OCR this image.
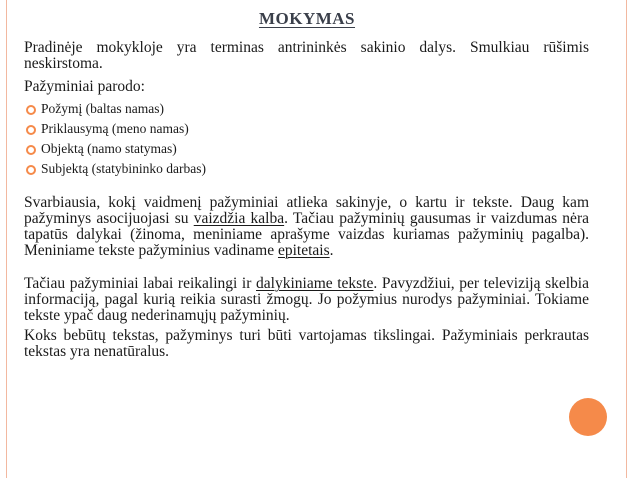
MOKYMAS

Pradinėje mokykloje yra terminas antrininkės sakinio dalys. Smulkiau rūšimis neskirstoma.

Pažyminiai parodo:

Požymį (baltas namas)
Priklausymą (meno namas)
Objektą (namo statymas)
Subjektą (statybininko darbas)

Svarbiausia, kokį vaidmenį pažyminiai atlieka sakinyje, o kartu ir tekste. Daug kam pažyminys asocijuojasi su vaizdžia kalba. Tačiau pažyminių gausumas ir vaizdumas nėra tapatūs dalykai (žinoma, meniniame aprašyme vaizdas kuriamas pažyminių pagalba). Meniniame tekste pažyminius vadiname epitetais.

Tačiau pažyminiai labai reikalingi ir dalykiniame tekste. Pavyzdžiui, per televiziją skelbia informaciją, pagal kurią reikia surasti žmogų. Jo požymius nurodys pažyminiai. Tokiame tekste ypač daug nederinamųjų pažyminių.

Koks bebūtų tekstas, pažyminys turi būti vartojamas tikslingai. Pažyminiais perkrautas tekstas yra nenatūralus.
